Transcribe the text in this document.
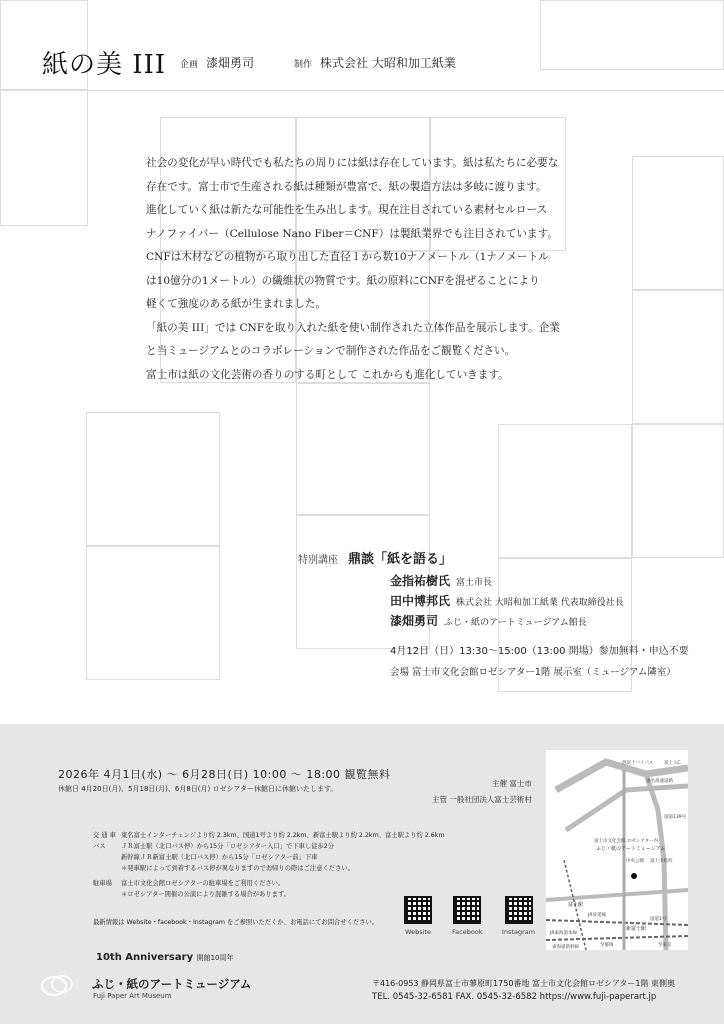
紙の美 III 企画 漆畑勇司	制作 株式会社 大昭和加工紙業

社会の変化が早い時代でも私たちの周りには紙は存在しています。紙は私たちに必要な

存在です。富士市で生産される紙は種類が豊富で、紙の製造方法は多岐に渡ります。

進化していく紙は新たな可能性を生み出します。現在注目されている素材セルロース

ナノファイバー（Cellulose Nano Fiber＝CNF）は製紙業界でも注目されています。

CNFは木材などの植物から取り出した直径１から数10ナノメートル（1ナノメートル

は10億分の1メートル）の繊維状の物質です。紙の原料にCNFを混ぜることにより

軽くて強度のある紙が生まれました。

「紙の美 III」では CNFを取り入れた紙を使い制作された立体作品を展示します。企業

と当ミュージアムとのコラボレーションで制作された作品をご観覧ください。

富士市は紙の文化芸術の香りのする町として これからも進化していきます。

特別講座 鼎談「紙を語る」
金指祐樹氏 富士市長
田中博邦氏 株式会社 大昭和加工紙業 代表取締役社長
漆畑勇司 ふじ・紙のアートミュージアム館長
4月12日（日）13:30～15:00（13:00 開場）参加無料・申込不要
会場 富士市文化会館ロゼシアター1階 展示室（ミュージアム隣室）
2026年 4月1日(水) ～ 6月28日(日) 10:00 ～ 18:00 観覧無料
休館日 4月20日(月)、5月18日(月)、6月8日(月) ロゼシアター休館日に休館いたします。
主催 富士市
主管 一般社団法人富士芸術村
交 通 車 東名富士インターチェンジより約 2.3km、国道1号より約 2.2km、新富士駅より約 2.2km、富士駅より約 2.6km
バス	ＪＲ富士駅（北口バス停）から15分「ロゼシアター入口」で下車し徒歩2分
新幹線ＪＲ新富士駅（北口バス停）から15分「ロゼシアター前」下車
＊発車駅によって到着するバス停が異なりますのでお帰りの際はご注意ください。
駐車場 富士市文化会館ロゼシアターの駐車場をご利用ください。
＊ロゼシアター開催の公演により混雑する場合があります。
最新情報は Website・facebook・Instagram をご参照いただくか、お電話にてお問合せください。
Website	Facebook	Instagram
西富士バイパス 富士 I.C.
東名高速道路
国道139号
富士市文化会館 ロゼシアター内
ふじ・紙のアートミュージアム
中央公園 富士市役所
富士駅
JR身延線
新富士駅
国道1号
東海道新幹線
JR東海道本線
至静岡	至東京
10th Anniversary 開館10周年
ふじ・紙のアートミュージアム
Fuji Paper Art Museum
〒416-0953 静岡県富士市蓼原町1750番地 富士市文化会館ロゼシアター1階 東側奥
TEL. 0545-32-6581 FAX. 0545-32-6582 https://www.fuji-paperart.jp
